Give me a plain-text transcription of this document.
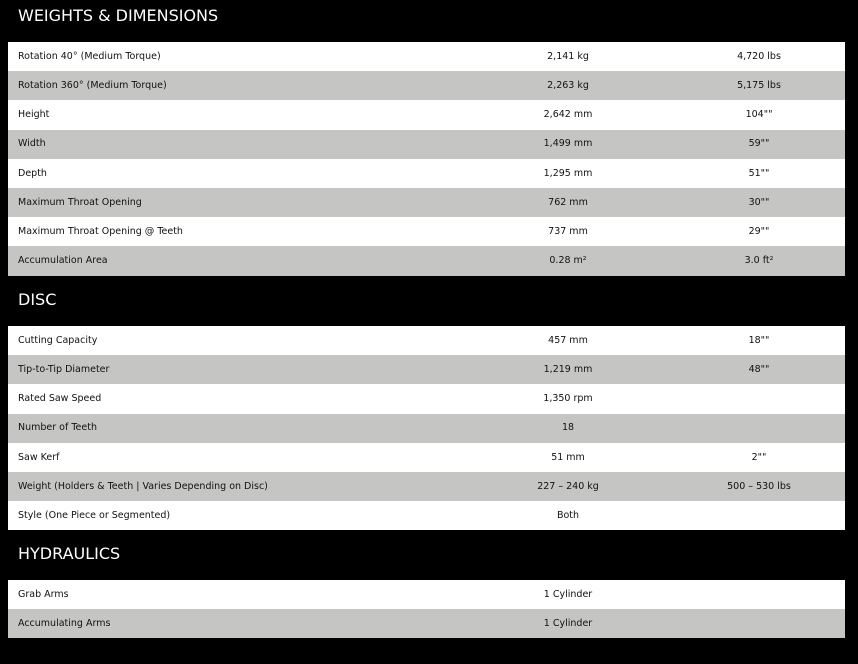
WEIGHTS & DIMENSIONS
Rotation 40° (Medium Torque)	2,141 kg	4,720 lbs
Rotation 360° (Medium Torque)	2,263 kg	5,175 lbs
Height	2,642 mm	104""
Width	1,499 mm	59""
Depth	1,295 mm	51""
Maximum Throat Opening	762 mm	30""
Maximum Throat Opening @ Teeth	737 mm	29""
Accumulation Area	0.28 m²	3.0 ft²
DISC
Cutting Capacity	457 mm	18""
Tip-to-Tip Diameter	1,219 mm	48""
Rated Saw Speed	1,350 rpm	
Number of Teeth	18	
Saw Kerf	51 mm	2""
Weight (Holders & Teeth | Varies Depending on Disc)	227 – 240 kg	500 – 530 lbs
Style (One Piece or Segmented)	Both	
HYDRAULICS
Grab Arms	1 Cylinder	
Accumulating Arms	1 Cylinder	
